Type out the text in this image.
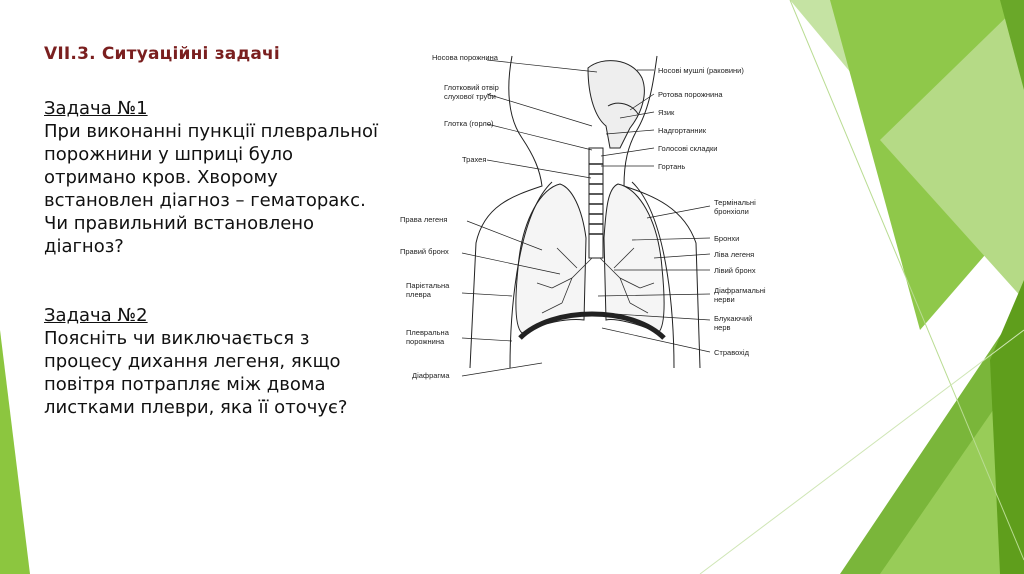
VII.3. Ситуаційні задачі
Задача №1
При виконанні пункції плевральної
порожнини у шприці було
отримано кров. Хворому
встановлен діагноз – гематоракс.
Чи правильний встановлено
діагноз?
Задача №2
Поясніть чи виключається з
процесу дихання легеня, якщо
повітря потрапляє між двома
листками плеври, яка її оточує?
Носова порожнина
Глотковий отвір
слухової труби
Глотка (горло)
Трахея
Права легеня
Правий бронх
Парієтальна
плевра
Плевральна
порожнина
Діафрагма
Носові мушлі (раковини)
Ротова порожнина
Язик
Надгортанник
Голосові складки
Гортань
Термінальні
бронхіоли
Бронхи
Ліва легеня
Лівий бронх
Діафрагмальні
нерви
Блукаючий
нерв
Стравохід
